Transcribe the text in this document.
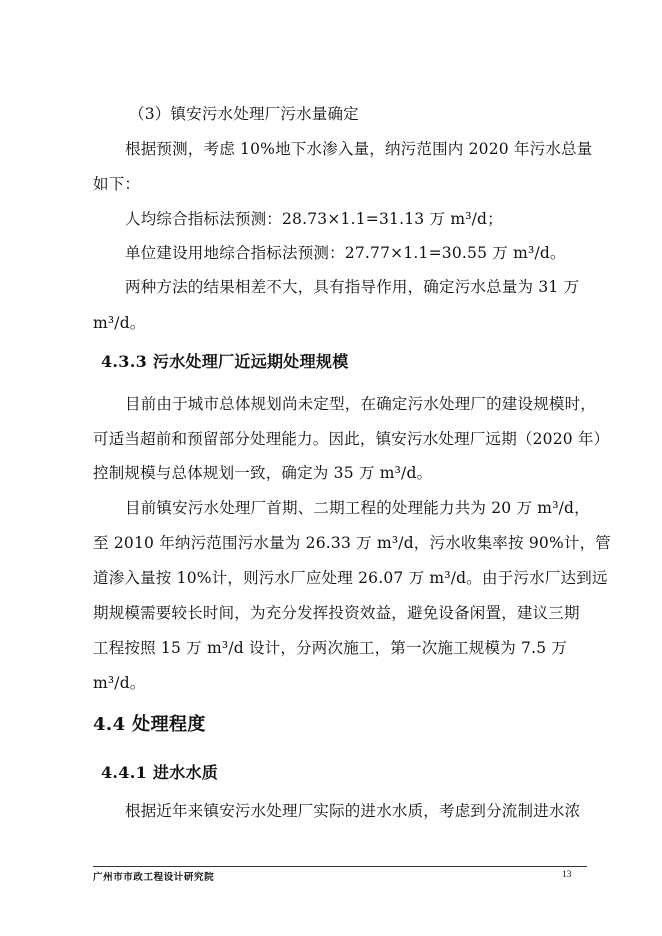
（3）镇安污水处理厂污水量确定
根据预测，考虑 10%地下水渗入量，纳污范围内 2020 年污水总量
如下：
人均综合指标法预测：28.73×1.1=31.13 万 m³/d；
单位建设用地综合指标法预测：27.77×1.1=30.55 万 m³/d。
两种方法的结果相差不大，具有指导作用，确定污水总量为 31 万
m³/d。
4.3.3 污水处理厂近远期处理规模
目前由于城市总体规划尚未定型，在确定污水处理厂的建设规模时，
可适当超前和预留部分处理能力。因此，镇安污水处理厂远期（2020 年）
控制规模与总体规划一致，确定为 35 万 m³/d。
目前镇安污水处理厂首期、二期工程的处理能力共为 20 万 m³/d，
至 2010 年纳污范围污水量为 26.33 万 m³/d，污水收集率按 90%计，管
道渗入量按 10%计，则污水厂应处理 26.07 万 m³/d。由于污水厂达到远
期规模需要较长时间，为充分发挥投资效益，避免设备闲置，建议三期
工程按照 15 万 m³/d 设计，分两次施工，第一次施工规模为 7.5 万
m³/d。
4.4 处理程度
4.4.1 进水水质
根据近年来镇安污水处理厂实际的进水水质，考虑到分流制进水浓
广州市市政工程设计研究院	13
